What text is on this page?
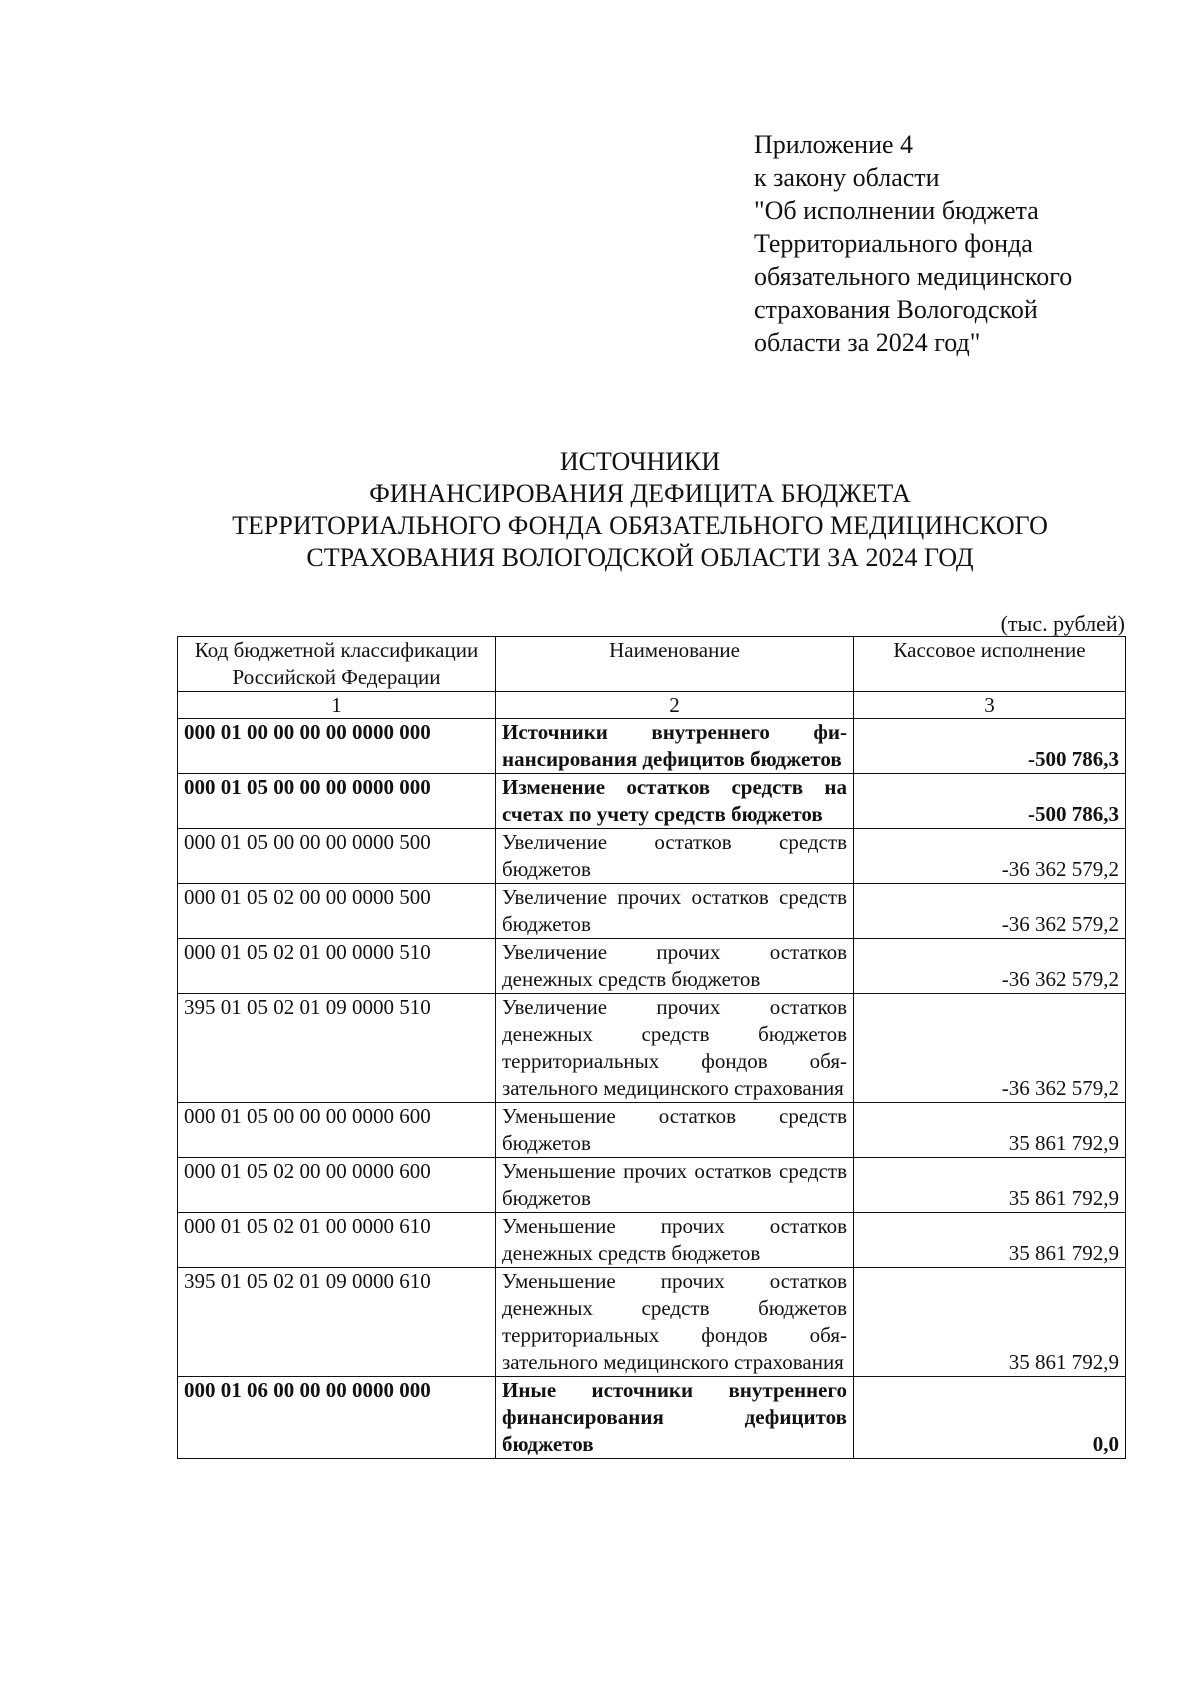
Приложение 4
к закону области
"Об исполнении бюджета
Территориального фонда
обязательного медицинского
страхования Вологодской
области за 2024 год"
ИСТОЧНИКИ
ФИНАНСИРОВАНИЯ ДЕФИЦИТА БЮДЖЕТА
ТЕРРИТОРИАЛЬНОГО ФОНДА ОБЯЗАТЕЛЬНОГО МЕДИЦИНСКОГО
СТРАХОВАНИЯ ВОЛОГОДСКОЙ ОБЛАСТИ ЗА 2024 ГОД
(тыс. рублей)
Код бюджетной классификации Российской Федерации	Наименование	Кассовое исполнение
1	2	3
000 01 00 00 00 00 0000 000	Источники внутреннего финансирования дефицитов бюджетов	-500 786,3
000 01 05 00 00 00 0000 000	Изменение остатков средств на счетах по учету средств бюджетов	-500 786,3
000 01 05 00 00 00 0000 500	Увеличение остатков средств бюджетов	-36 362 579,2
000 01 05 02 00 00 0000 500	Увеличение прочих остатков средств бюджетов	-36 362 579,2
000 01 05 02 01 00 0000 510	Увеличение прочих остатков денежных средств бюджетов	-36 362 579,2
395 01 05 02 01 09 0000 510	Увеличение прочих остатков денежных средств бюджетов территориальных фондов обязательного медицинского страхования	-36 362 579,2
000 01 05 00 00 00 0000 600	Уменьшение остатков средств бюджетов	35 861 792,9
000 01 05 02 00 00 0000 600	Уменьшение прочих остатков средств бюджетов	35 861 792,9
000 01 05 02 01 00 0000 610	Уменьшение прочих остатков денежных средств бюджетов	35 861 792,9
395 01 05 02 01 09 0000 610	Уменьшение прочих остатков денежных средств бюджетов территориальных фондов обязательного медицинского страхования	35 861 792,9
000 01 06 00 00 00 0000 000	Иные источники внутреннего финансирования дефицитов бюджетов	0,0
